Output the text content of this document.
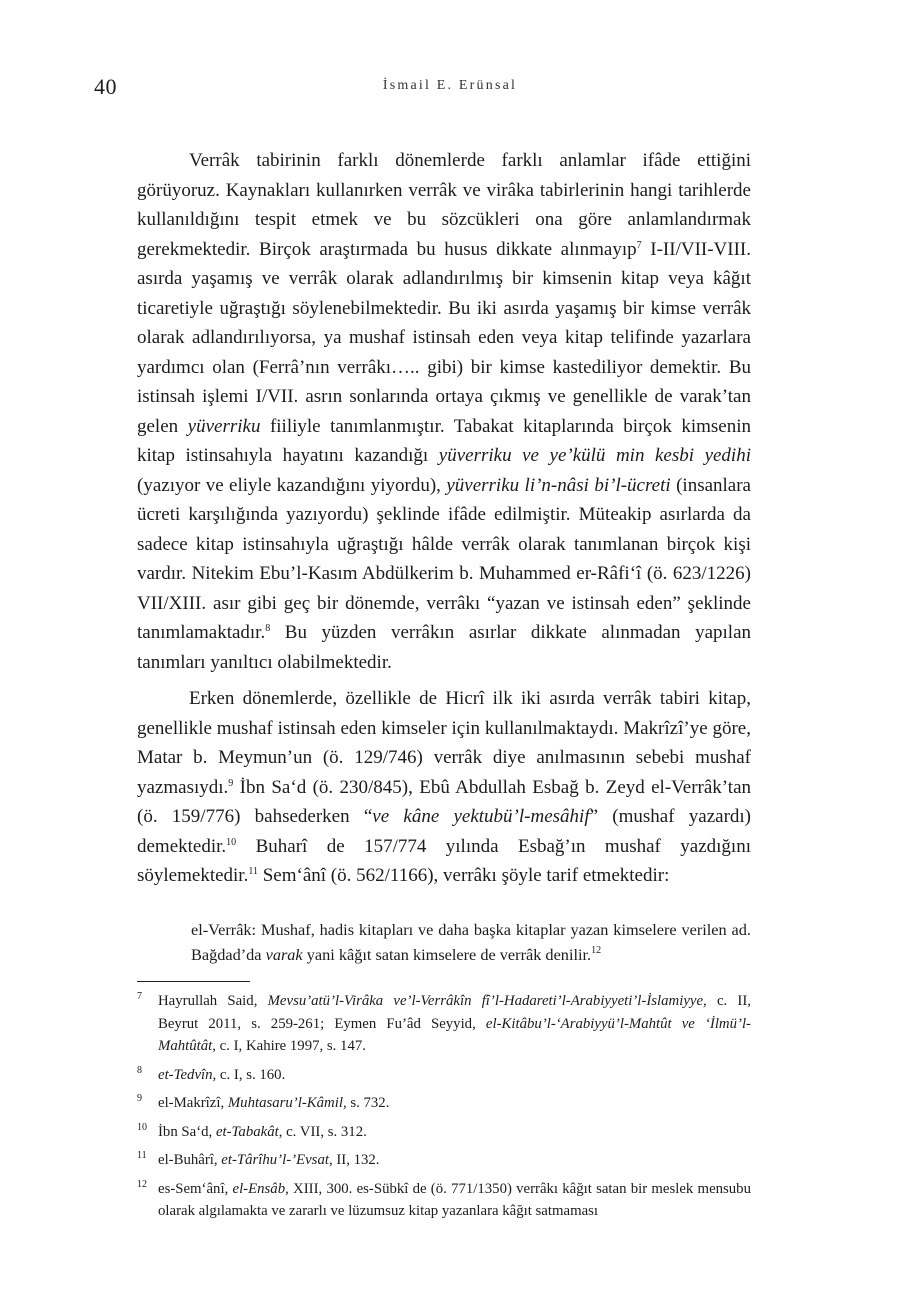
40	İsmail E. Erünsal

Verrâk tabirinin farklı dönemlerde farklı anlamlar ifâde ettiğini görüyoruz. Kaynakları kullanırken verrâk ve virâka tabirlerinin hangi tarihlerde kullanıldığını tespit etmek ve bu sözcükleri ona göre anlamlandırmak gerekmektedir. Birçok araştırmada bu husus dikkate alınmayıp$^7$ I-II/VII-VIII. asırda yaşamış ve verrâk olarak adlandırılmış bir kimsenin kitap veya kâğıt ticaretiyle uğraştığı söylenebilmektedir. Bu iki asırda yaşamış bir kimse verrâk olarak adlandırılıyorsa, ya mushaf istinsah eden veya kitap telifinde yazarlara yardımcı olan (Ferrâ’nın verrâkı….. gibi) bir kimse kastediliyor demektir. Bu istinsah işlemi I/VII. asrın sonlarında ortaya çıkmış ve genellikle de varak’tan gelen yüverriku fiiliyle tanımlanmıştır. Tabakat kitaplarında birçok kimsenin kitap istinsahıyla hayatını kazandığı yüverriku ve ye’külü min kesbi yedihi (yazıyor ve eliyle kazandığını yiyordu), yüverriku li’n-nâsi bi’l-ücreti (insanlara ücreti karşılığında yazıyordu) şeklinde ifâde edilmiştir. Müteakip asırlarda da sadece kitap istinsahıyla uğraştığı hâlde verrâk olarak tanımlanan birçok kişi vardır. Nitekim Ebu’l-Kasım Abdülkerim b. Muhammed er-Râfi‘î (ö. 623/1226) VII/XIII. asır gibi geç bir dönemde, verrâkı “yazan ve istinsah eden” şeklinde tanımlamaktadır.$^8$ Bu yüzden verrâkın asırlar dikkate alınmadan yapılan tanımları yanıltıcı olabilmektedir.

Erken dönemlerde, özellikle de Hicrî ilk iki asırda verrâk tabiri kitap, genellikle mushaf istinsah eden kimseler için kullanılmaktaydı. Makrîzî’ye göre, Matar b. Meymun’un (ö. 129/746) verrâk diye anılmasının sebebi mushaf yazmasıydı.$^9$ İbn Sa‘d (ö. 230/845), Ebû Abdullah Esbağ b. Zeyd el-Verrâk’tan (ö. 159/776) bahsederken “ve kâne yektubü’l-mesâhif” (mushaf yazardı) demektedir.$^{10}$ Buharî de 157/774 yılında Esbağ’ın mushaf yazdığını söylemektedir.$^{11}$ Sem‘ânî (ö. 562/1166), verrâkı şöyle tarif etmektedir:

el-Verrâk: Mushaf, hadis kitapları ve daha başka kitaplar yazan kimselere verilen ad. Bağdad’da varak yani kâğıt satan kimselere de verrâk denilir.$^{12}$

7	Hayrullah Said, Mevsu’atü’l-Virâka ve’l-Verrâkîn fî’l-Hadareti’l-Arabiyyeti’l-İslamiyye, c. II, Beyrut 2011, s. 259-261; Eymen Fu’âd Seyyid, el-Kitâbu’l-‘Arabiyyü’l-Mahtût ve ‘İlmü’l-Mahtûtât, c. I, Kahire 1997, s. 147.
8	et-Tedvîn, c. I, s. 160.
9	el-Makrîzî, Muhtasaru’l-Kâmil, s. 732.
10 İbn Sa‘d, et-Tabakât, c. VII, s. 312.
11 el-Buhârî, et-Târîhu’l-’Evsat, II, 132.
12 es-Sem‘ânî, el-Ensâb, XIII, 300. es-Sübkî de (ö. 771/1350) verrâkı kâğıt satan bir meslek mensubu olarak algılamakta ve zararlı ve lüzumsuz kitap yazanlara kâğıt satmaması
